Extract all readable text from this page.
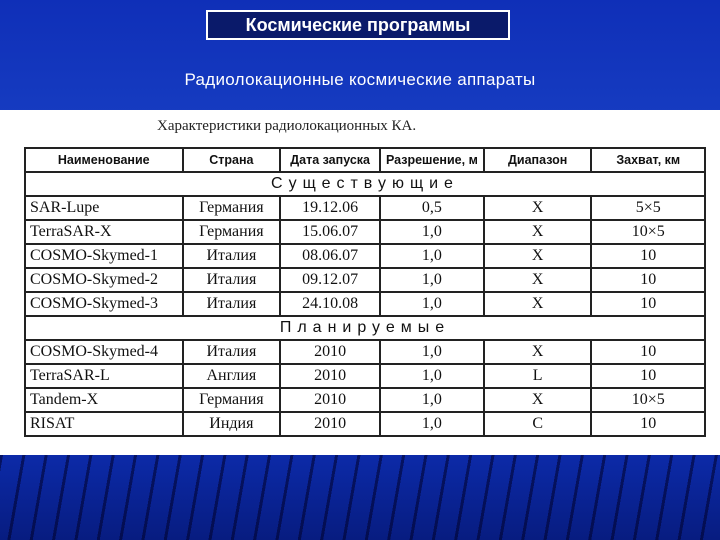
Космические программы
Радиолокационные космические аппараты
Характеристики радиолокационных КА.
Наименование	Страна	Дата запуска	Разрешение, м	Диапазон	Захват, км
Существующие					
SAR-Lupe	Германия	19.12.06	0,5	X	5×5
TerraSAR-X	Германия	15.06.07	1,0	X	10×5
COSMO-Skymed-1	Италия	08.06.07	1,0	X	10
COSMO-Skymed-2	Италия	09.12.07	1,0	X	10
COSMO-Skymed-3	Италия	24.10.08	1,0	X	10
Планируемые					
COSMO-Skymed-4	Италия	2010	1,0	X	10
TerraSAR-L	Англия	2010	1,0	L	10
Tandem-X	Германия	2010	1,0	X	10×5
RISAT	Индия	2010	1,0	C	10
